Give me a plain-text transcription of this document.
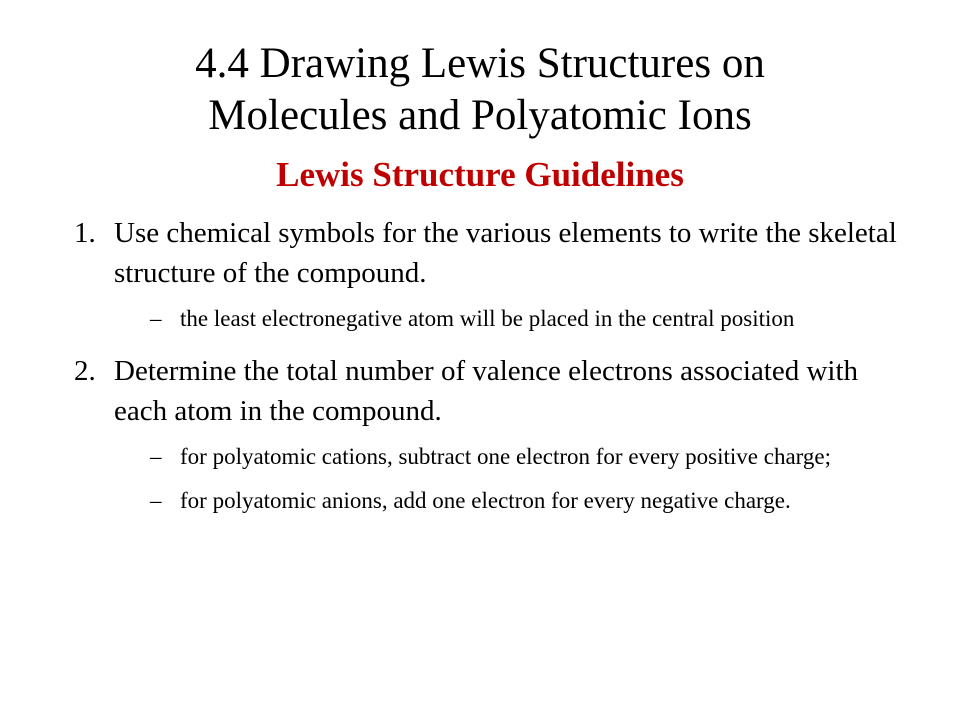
4.4 Drawing Lewis Structures on
Molecules and Polyatomic Ions
Lewis Structure Guidelines
1. Use chemical symbols for the various elements to write the skeletal structure of the compound.
– the least electronegative atom will be placed in the central position
2. Determine the total number of valence electrons associated with each atom in the compound.
– for polyatomic cations, subtract one electron for every positive charge;
– for polyatomic anions, add one electron for every negative charge.
